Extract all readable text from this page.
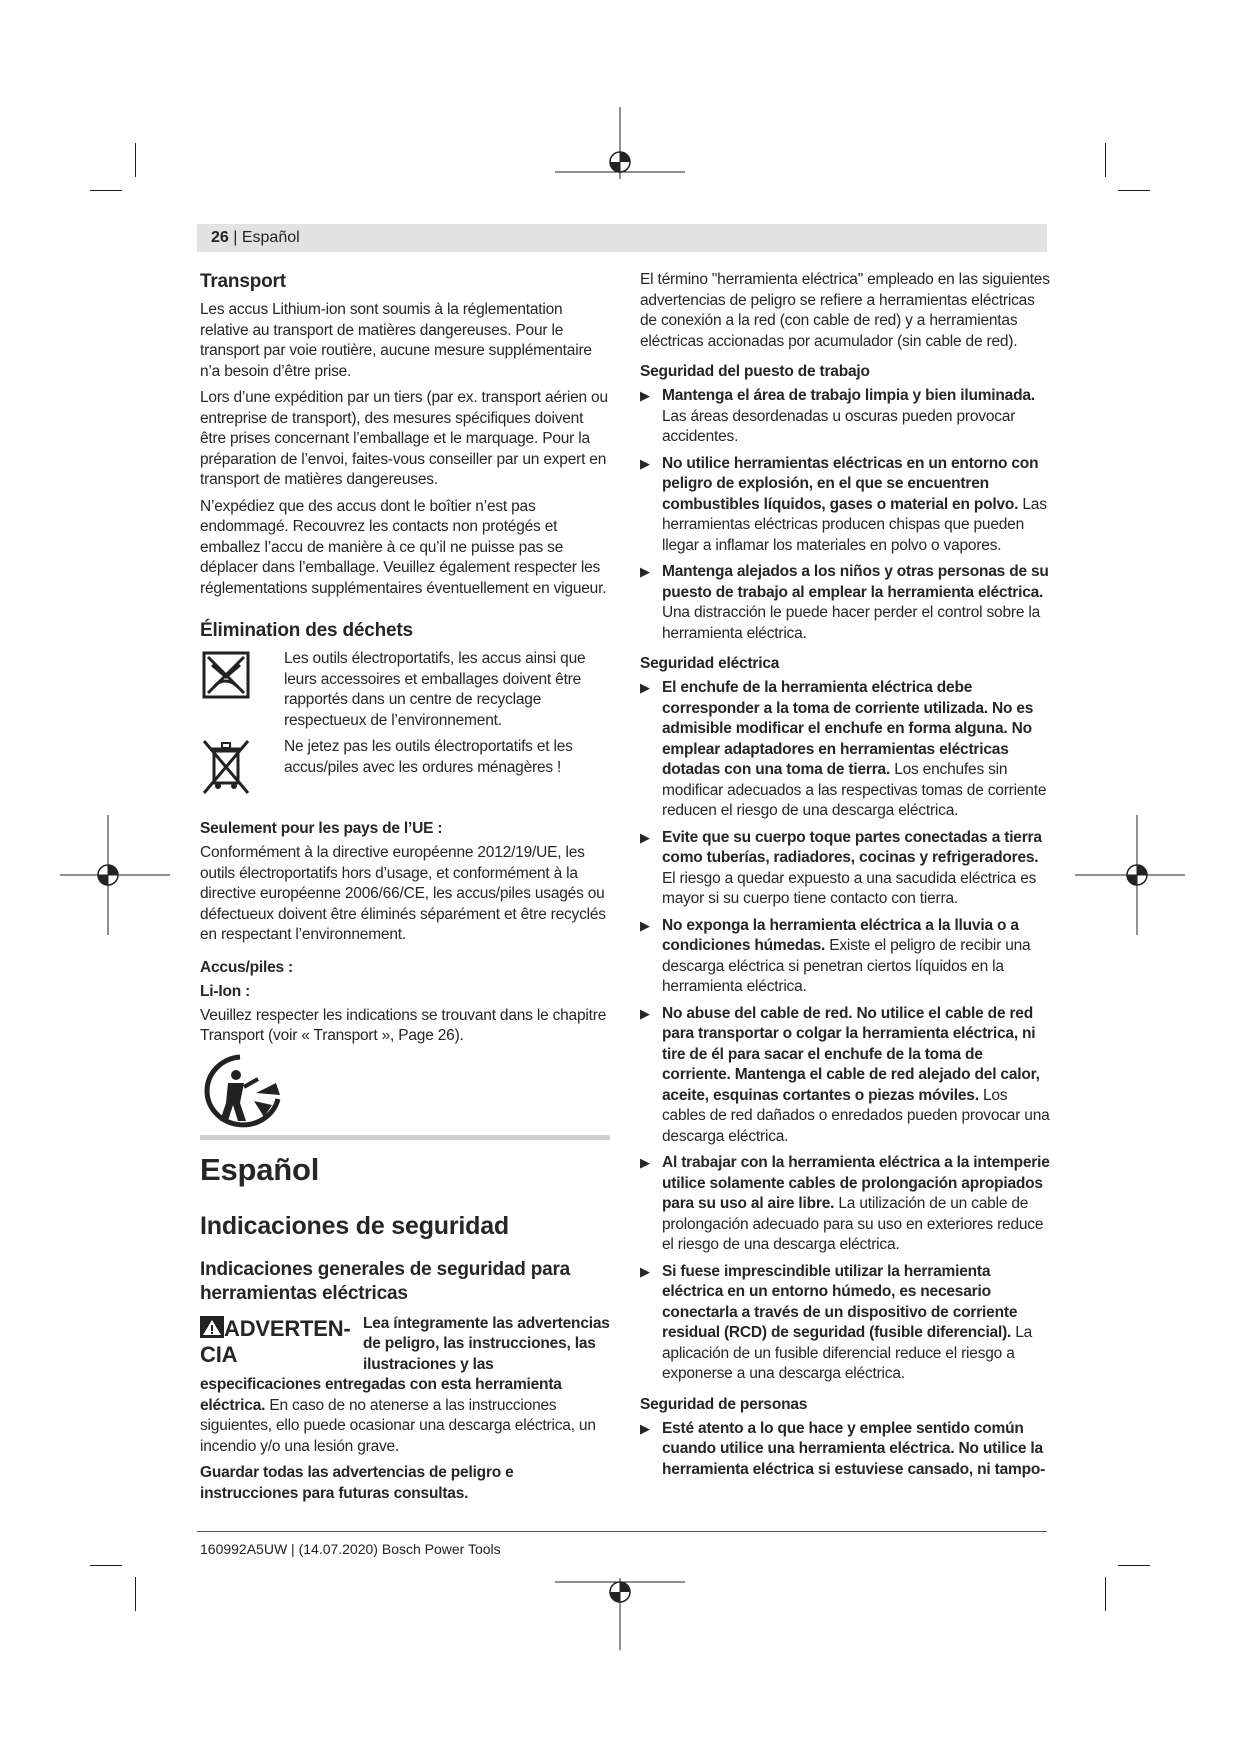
26 | Español
Transport

Les accus Lithium-ion sont soumis à la réglementation relative au transport de matières dangereuses. Pour le transport par voie routière, aucune mesure supplémentaire n’a besoin d’être prise.

Lors d’une expédition par un tiers (par ex. transport aérien ou entreprise de transport), des mesures spécifiques doivent être prises concernant l’emballage et le marquage. Pour la préparation de l’envoi, faites-vous conseiller par un expert en transport de matières dangereuses.

N’expédiez que des accus dont le boîtier n’est pas endommagé. Recouvrez les contacts non protégés et emballez l’accu de manière à ce qu’il ne puisse pas se déplacer dans l’emballage. Veuillez également respecter les réglementations supplémentaires éventuellement en vigueur.

Élimination des déchets
Les outils électroportatifs, les accus ainsi que leurs accessoires et emballages doivent être rapportés dans un centre de recyclage respectueux de l’environnement.
Ne jetez pas les outils électroportatifs et les accus/piles avec les ordures ménagères !
Seulement pour les pays de l’UE :

Conformément à la directive européenne 2012/19/UE, les outils électroportatifs hors d’usage, et conformément à la directive européenne 2006/66/CE, les accus/piles usagés ou défectueux doivent être éliminés séparément et être recyclés en respectant l’environnement.

Accus/piles :
Li-Ion :

Veuillez respecter les indications se trouvant dans le chapitre Transport (voir « Transport », Page 26).

Español
Indicaciones de seguridad
Indicaciones generales de seguridad para herramientas eléctricas
ADVERTEN-CIA
Lea íntegramente las advertencias de peligro, las instrucciones, las ilustraciones y las especificaciones entregadas con esta herramienta eléctrica. En caso de no atenerse a las instrucciones siguientes, ello puede ocasionar una descarga eléctrica, un incendio y/o una lesión grave.

Guardar todas las advertencias de peligro e instrucciones para futuras consultas.

El término "herramienta eléctrica" empleado en las siguientes advertencias de peligro se refiere a herramientas eléctricas de conexión a la red (con cable de red) y a herramientas eléctricas accionadas por acumulador (sin cable de red).

Seguridad del puesto de trabajo
▶ Mantenga el área de trabajo limpia y bien iluminada. Las áreas desordenadas u oscuras pueden provocar accidentes.
▶ No utilice herramientas eléctricas en un entorno con peligro de explosión, en el que se encuentren combustibles líquidos, gases o material en polvo. Las herramientas eléctricas producen chispas que pueden llegar a inflamar los materiales en polvo o vapores.
▶ Mantenga alejados a los niños y otras personas de su puesto de trabajo al emplear la herramienta eléctrica. Una distracción le puede hacer perder el control sobre la herramienta eléctrica.
Seguridad eléctrica
▶ El enchufe de la herramienta eléctrica debe corresponder a la toma de corriente utilizada. No es admisible modificar el enchufe en forma alguna. No emplear adaptadores en herramientas eléctricas dotadas con una toma de tierra. Los enchufes sin modificar adecuados a las respectivas tomas de corriente reducen el riesgo de una descarga eléctrica.
▶ Evite que su cuerpo toque partes conectadas a tierra como tuberías, radiadores, cocinas y refrigeradores. El riesgo a quedar expuesto a una sacudida eléctrica es mayor si su cuerpo tiene contacto con tierra.
▶ No exponga la herramienta eléctrica a la lluvia o a condiciones húmedas. Existe el peligro de recibir una descarga eléctrica si penetran ciertos líquidos en la herramienta eléctrica.
▶ No abuse del cable de red. No utilice el cable de red para transportar o colgar la herramienta eléctrica, ni tire de él para sacar el enchufe de la toma de corriente. Mantenga el cable de red alejado del calor, aceite, esquinas cortantes o piezas móviles. Los cables de red dañados o enredados pueden provocar una descarga eléctrica.
▶ Al trabajar con la herramienta eléctrica a la intemperie utilice solamente cables de prolongación apropiados para su uso al aire libre. La utilización de un cable de prolongación adecuado para su uso en exteriores reduce el riesgo de una descarga eléctrica.
▶ Si fuese imprescindible utilizar la herramienta eléctrica en un entorno húmedo, es necesario conectarla a través de un dispositivo de corriente residual (RCD) de seguridad (fusible diferencial). La aplicación de un fusible diferencial reduce el riesgo a exponerse a una descarga eléctrica.
Seguridad de personas
▶ Esté atento a lo que hace y emplee sentido común cuando utilice una herramienta eléctrica. No utilice la herramienta eléctrica si estuviese cansado, ni tampo-
160992A5UW | (14.07.2020) Bosch Power Tools
